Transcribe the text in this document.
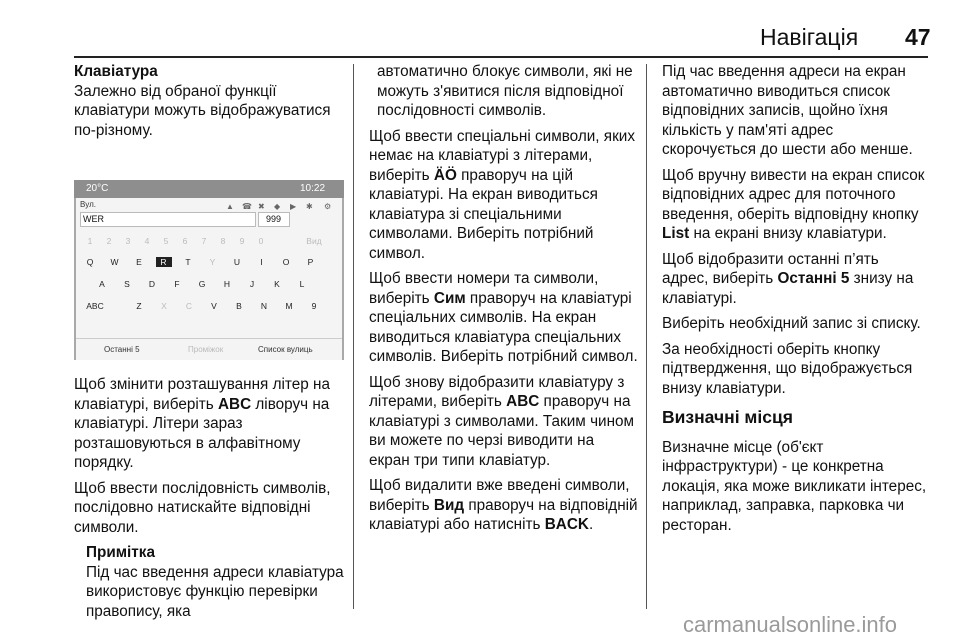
Навігація 47

Клавіатура

Залежно від обраної функції клавіатури можуть відображуватися по-різному.

20°C	10:22
Вул.	▲ ☎ ✖ ◆ ▶ ✱ ⚙
WER	999
1	2	3	4	5	6	7	8	9	0	Вид
Q	W	E	R	T	Y	U	I	O	P
A	S	D	F	G	H	J	K	L
ABC	Z	X	C	V	B	N	M	9
Останні 5	Проміжок	Список вулиць

Щоб змінити розташування літер на клавіатурі, виберіть ABC ліворуч на клавіатурі. Літери зараз розташовуються в алфавітному порядку.

Щоб ввести послідовність символів, послідовно натискайте відповідні символи.

Примітка

Під час введення адреси клавіатура використовує функцію перевірки правопису, яка

автоматично блокує символи, які не можуть з'явитися після відповідної послідовності символів.

Щоб ввести спеціальні символи, яких немає на клавіатурі з літерами, виберіть ÄÖ праворуч на цій клавіатурі. На екран виводиться клавіатура зі спеціальними символами. Виберіть потрібний символ.

Щоб ввести номери та символи, виберіть Сим праворуч на клавіатурі спеціальних символів. На екран виводиться клавіатура спеціальних символів. Виберіть потрібний символ.

Щоб знову відобразити клавіатуру з літерами, виберіть ABC праворуч на клавіатурі з символами. Таким чином ви можете по черзі виводити на екран три типи клавіатур.

Щоб видалити вже введені символи, виберіть Вид праворуч на відповідній клавіатурі або натисніть BACK.

Під час введення адреси на екран автоматично виводиться список відповідних записів, щойно їхня кількість у пам'яті адрес скорочується до шести або менше.

Щоб вручну вивести на екран список відповідних адрес для поточного введення, оберіть відповідну кнопку List на екрані внизу клавіатури.

Щоб відобразити останні п’ять адрес, виберіть Останні 5 знизу на клавіатурі.

Виберіть необхідний запис зі списку.

За необхідності оберіть кнопку підтвердження, що відображується внизу клавіатури.

Визначні місця

Визначне місце (об'єкт інфраструктури) - це конкретна локація, яка може викликати інтерес, наприклад, заправка, парковка чи ресторан.

carmanualsonline.info
